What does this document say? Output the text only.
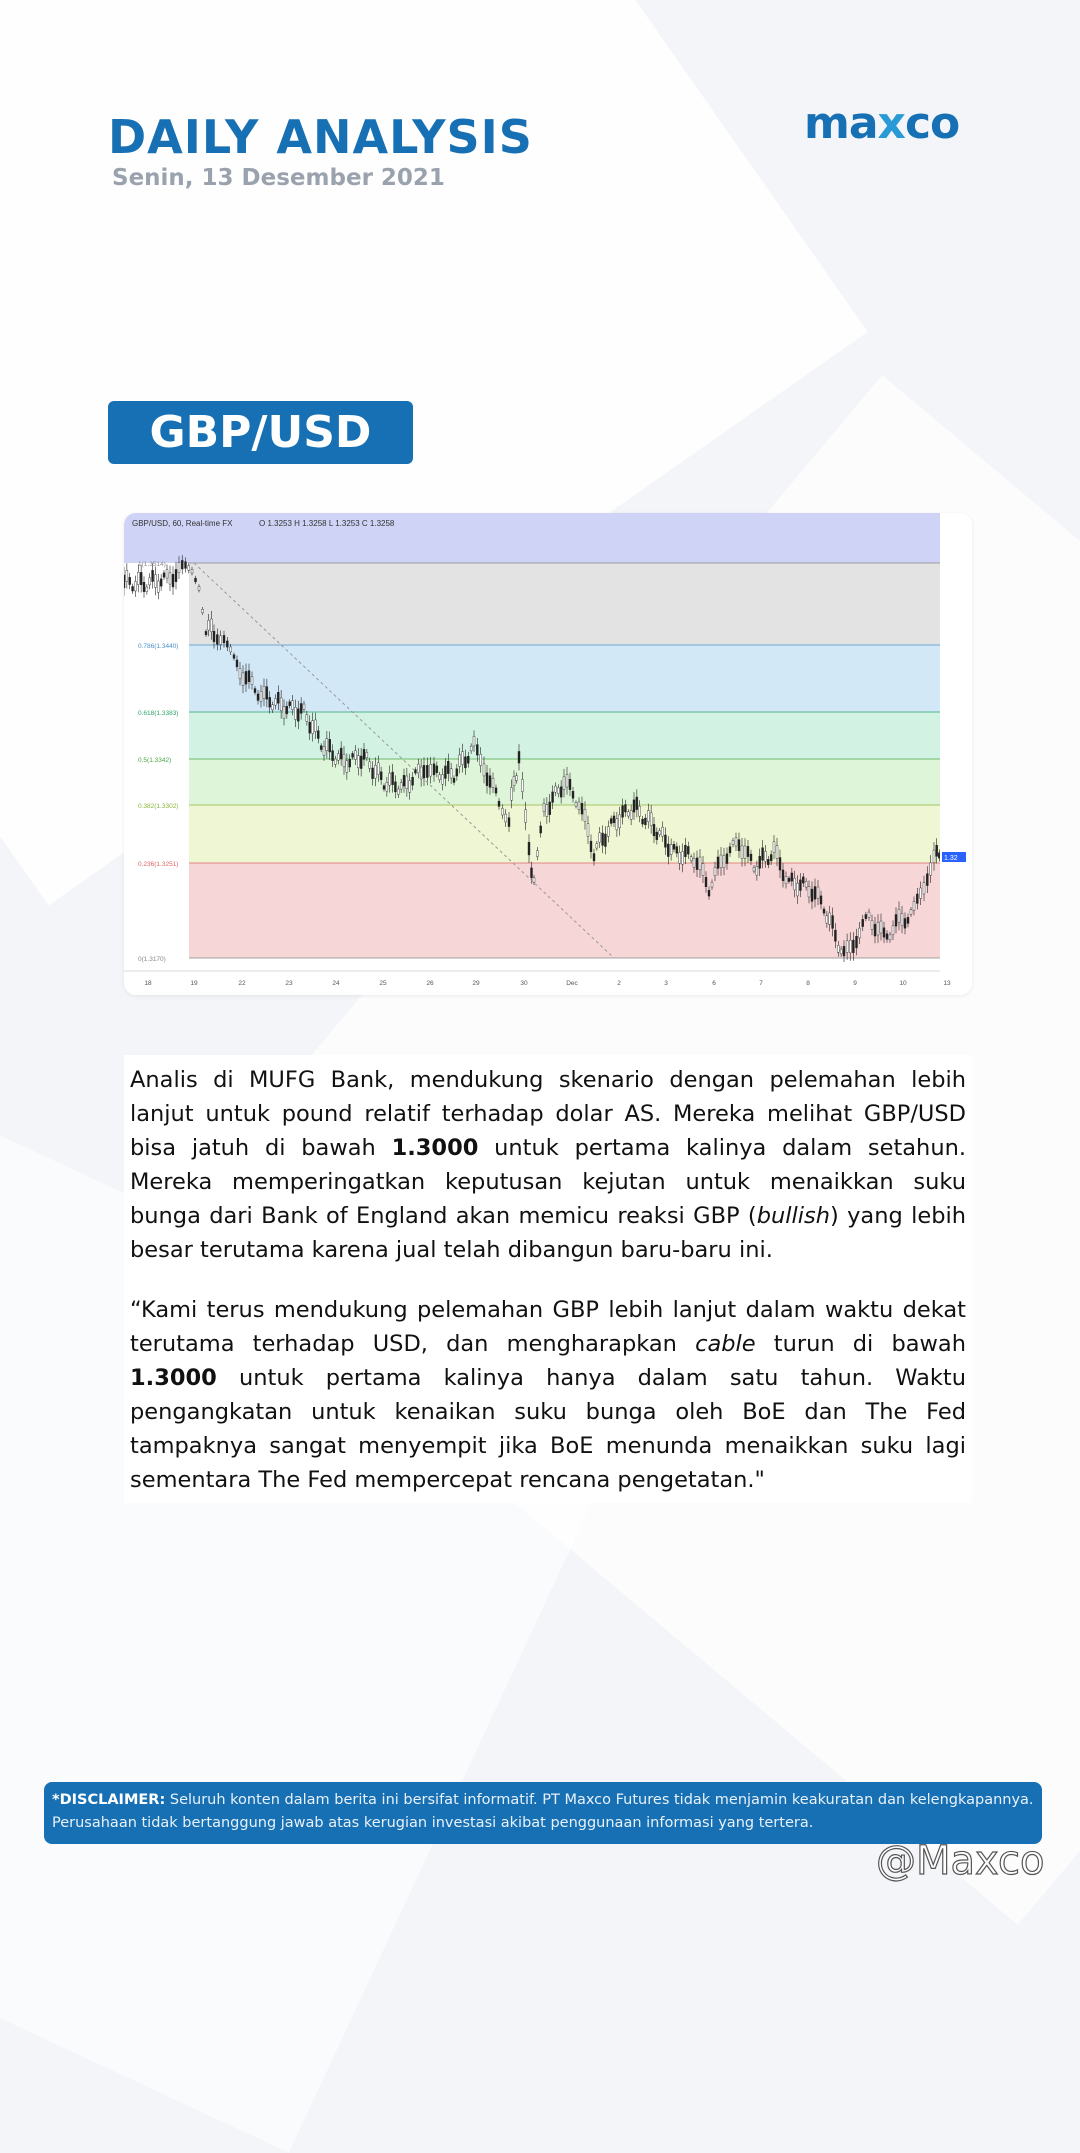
DAILY ANALYSIS
Senin, 13 Desember 2021
maxco
GBP/USD
1(1.3514)
0.786(1.3440)
0.618(1.3383)
0.5(1.3342)
0.382(1.3302)
0.236(1.3251)
0(1.3170)
18	19	22	23	24	25	26	29	30	Dec	2	3	6	7	8	9	10	13
GBP/USD, 60, Real-time FX	O 1.3253 H 1.3258 L 1.3253 C 1.3258
1.32

Analis di MUFG Bank, mendukung skenario dengan pelemahan lebih lanjut untuk pound relatif terhadap dolar AS. Mereka melihat GBP/USD bisa jatuh di bawah 1.3000 untuk pertama kalinya dalam setahun. Mereka memperingatkan keputusan kejutan untuk menaikkan suku bunga dari Bank of England akan memicu reaksi GBP (bullish) yang lebih besar terutama karena jual telah dibangun baru-baru ini.

“Kami terus mendukung pelemahan GBP lebih lanjut dalam waktu dekat terutama terhadap USD, dan mengharapkan cable turun di bawah 1.3000 untuk pertama kalinya hanya dalam satu tahun. Waktu pengangkatan untuk kenaikan suku bunga oleh BoE dan The Fed tampaknya sangat menyempit jika BoE menunda menaikkan suku lagi sementara The Fed mempercepat rencana pengetatan."

*DISCLAIMER: Seluruh konten dalam berita ini bersifat informatif. PT Maxco Futures tidak menjamin keakuratan dan kelengkapannya. Perusahaan tidak bertanggung jawab atas kerugian investasi akibat penggunaan informasi yang tertera.
@Maxco
